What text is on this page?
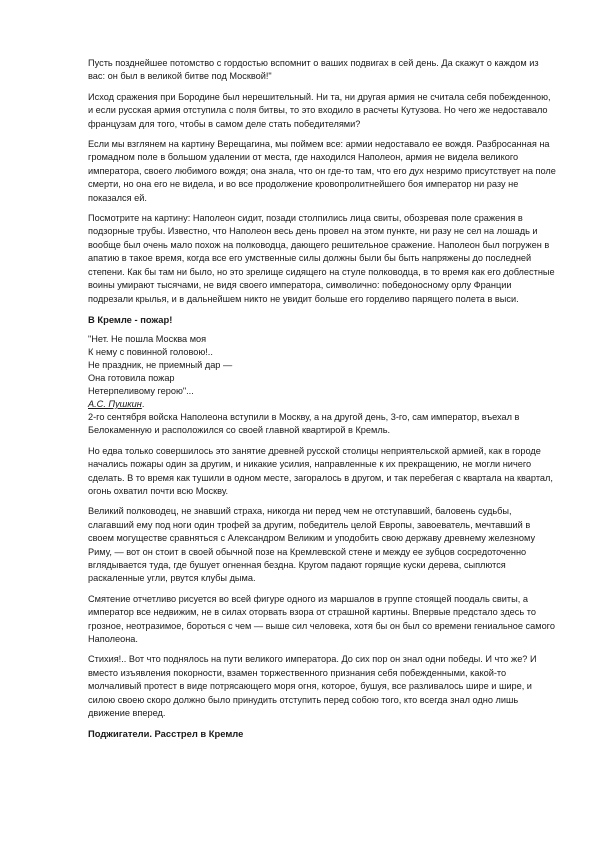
Пусть позднейшее потомство с гордостью вспомнит о ваших подвигах в сей день. Да скажут о каждом из вас: он был в великой битве под Москвой!"

Исход сражения при Бородине был нерешительный. Ни та, ни другая армия не считала себя побежденною, и если русская армия отступила с поля битвы, то это входило в расчеты Кутузова. Но чего же недоставало французам для того, чтобы в самом деле стать победителями?

Если мы взглянем на картину Верещагина, мы поймем все: армии недоставало ее вождя. Разбросанная на громадном поле в большом удалении от места, где находился Наполеон, армия не видела великого императора, своего любимого вождя; она знала, что он где-то там, что его дух незримо присутствует на поле смерти, но она его не видела, и во все продолжение кровопролитнейшего боя император ни разу не показался ей.

Посмотрите на картину: Наполеон сидит, позади столпились лица свиты, обозревая поле сражения в подзорные трубы. Известно, что Наполеон весь день провел на этом пункте, ни разу не сел на лошадь и вообще был очень мало похож на полководца, дающего решительное сражение. Наполеон был погружен в апатию в такое время, когда все его умственные силы должны были бы быть напряжены до последней степени. Как бы там ни было, но это зрелище сидящего на стуле полководца, в то время как его доблестные воины умирают тысячами, не видя своего императора, символично: победоносному орлу Франции подрезали крылья, и в дальнейшем никто не увидит больше его горделиво парящего полета в выси.

В Кремле - пожар!

"Нет. Не пошла Москва моя
К нему с повинной головою!..
Не праздник, не приемный дар —
Она готовила пожар
Нетерпеливому герою"...
А.С. Пушкин.

2-го сентября войска Наполеона вступили в Москву, а на другой день, 3-го, сам император, въехал в Белокаменную и расположился со своей главной квартирой в Кремль.

Но едва только совершилось это занятие древней русской столицы неприятельской армией, как в городе начались пожары один за другим, и никакие усилия, направленные к их прекращению, не могли ничего сделать. В то время как тушили в одном месте, загоралось в другом, и так перебегая с квартала на квартал, огонь охватил почти всю Москву.

Великий полководец, не знавший страха, никогда ни перед чем не отступавший, баловень судьбы, слагавший ему под ноги один трофей за другим, победитель целой Европы, завоеватель, мечтавший в своем могуществе сравняться с Александром Великим и уподобить свою державу древнему железному Риму, — вот он стоит в своей обычной позе на Кремлевской стене и между ее зубцов сосредоточенно вглядывается туда, где бушует огненная бездна. Кругом падают горящие куски дерева, сыплются раскаленные угли, рвутся клубы дыма.

Смятение отчетливо рисуется во всей фигуре одного из маршалов в группе стоящей поодаль свиты, а император все недвижим, не в силах оторвать взора от страшной картины. Впервые предстало здесь то грозное, неотразимое, бороться с чем — выше сил человека, хотя бы он был со времени гениальное самого Наполеона.

Стихия!.. Вот что поднялось на пути великого императора. До сих пор он знал одни победы. И что же? И вместо изъявления покорности, взамен торжественного признания себя побежденными, какой-то молчаливый протест в виде потрясающего моря огня, которое, бушуя, все разливалось шире и шире, и силою своею скоро должно было принудить отступить перед собою того, кто всегда знал одно лишь движение вперед.

Поджигатели. Расстрел в Кремле
